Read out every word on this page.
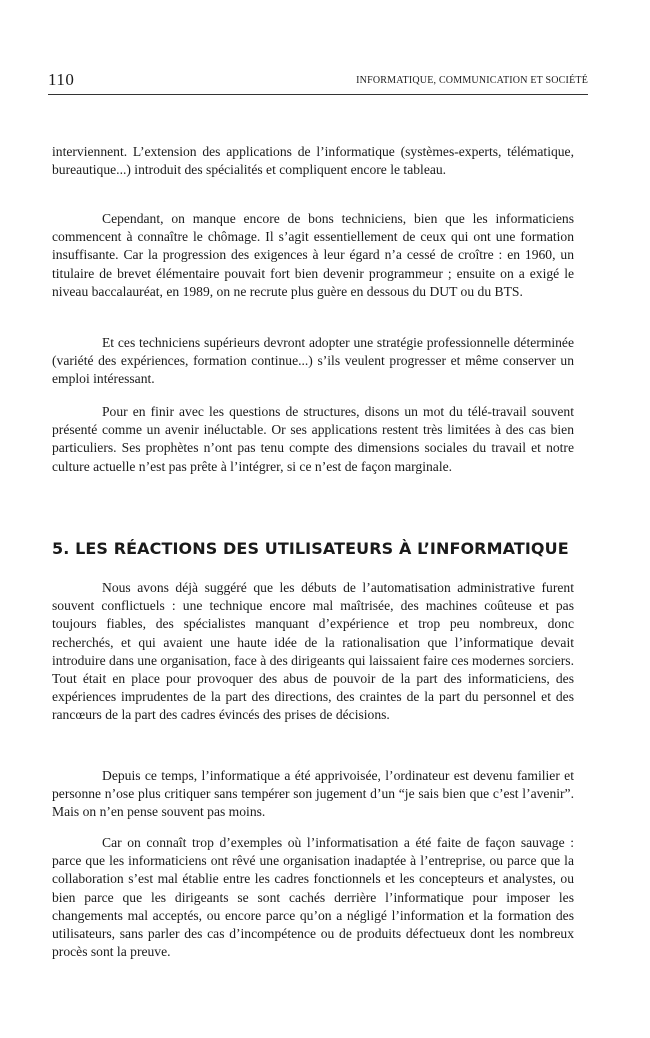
110	INFORMATIQUE, COMMUNICATION ET SOCIÉTÉ

interviennent. L’extension des applications de l’informatique (systèmes-experts, télématique, bureautique...) introduit des spécialités et compliquent encore le tableau.

Cependant, on manque encore de bons techniciens, bien que les informaticiens commencent à connaître le chômage. Il s’agit essentiellement de ceux qui ont une formation insuffisante. Car la progression des exigences à leur égard n’a cessé de croître : en 1960, un titulaire de brevet élémentaire pouvait fort bien devenir programmeur ; ensuite on a exigé le niveau baccalauréat, en 1989, on ne recrute plus guère en dessous du DUT ou du BTS.

Et ces techniciens supérieurs devront adopter une stratégie professionnelle déterminée (variété des expériences, formation continue...) s’ils veulent progresser et même conserver un emploi intéressant.

Pour en finir avec les questions de structures, disons un mot du télé-travail souvent présenté comme un avenir inéluctable. Or ses applications restent très limitées à des cas bien particuliers. Ses prophètes n’ont pas tenu compte des dimensions sociales du travail et notre culture actuelle n’est pas prête à l’intégrer, si ce n’est de façon marginale.

5. LES RÉACTIONS DES UTILISATEURS À L’INFORMATIQUE

Nous avons déjà suggéré que les débuts de l’automatisation administrative furent souvent conflictuels : une technique encore mal maîtrisée, des machines coûteuse et pas toujours fiables, des spécialistes manquant d’expérience et trop peu nombreux, donc recherchés, et qui avaient une haute idée de la rationalisation que l’informatique devait introduire dans une organisation, face à des dirigeants qui laissaient faire ces modernes sorciers. Tout était en place pour provoquer des abus de pouvoir de la part des informaticiens, des expériences imprudentes de la part des directions, des craintes de la part du personnel et des rancœurs de la part des cadres évincés des prises de décisions.

Depuis ce temps, l’informatique a été apprivoisée, l’ordinateur est devenu familier et personne n’ose plus critiquer sans tempérer son jugement d’un “je sais bien que c’est l’avenir”. Mais on n’en pense souvent pas moins.

Car on connaît trop d’exemples où l’informatisation a été faite de façon sauvage : parce que les informaticiens ont rêvé une organisation inadaptée à l’entreprise, ou parce que la collaboration s’est mal établie entre les cadres fonctionnels et les concepteurs et analystes, ou bien parce que les dirigeants se sont cachés derrière l’informatique pour imposer les changements mal acceptés, ou encore parce qu’on a négligé l’information et la formation des utilisateurs, sans parler des cas d’incompétence ou de produits défectueux dont les nombreux procès sont la preuve.
